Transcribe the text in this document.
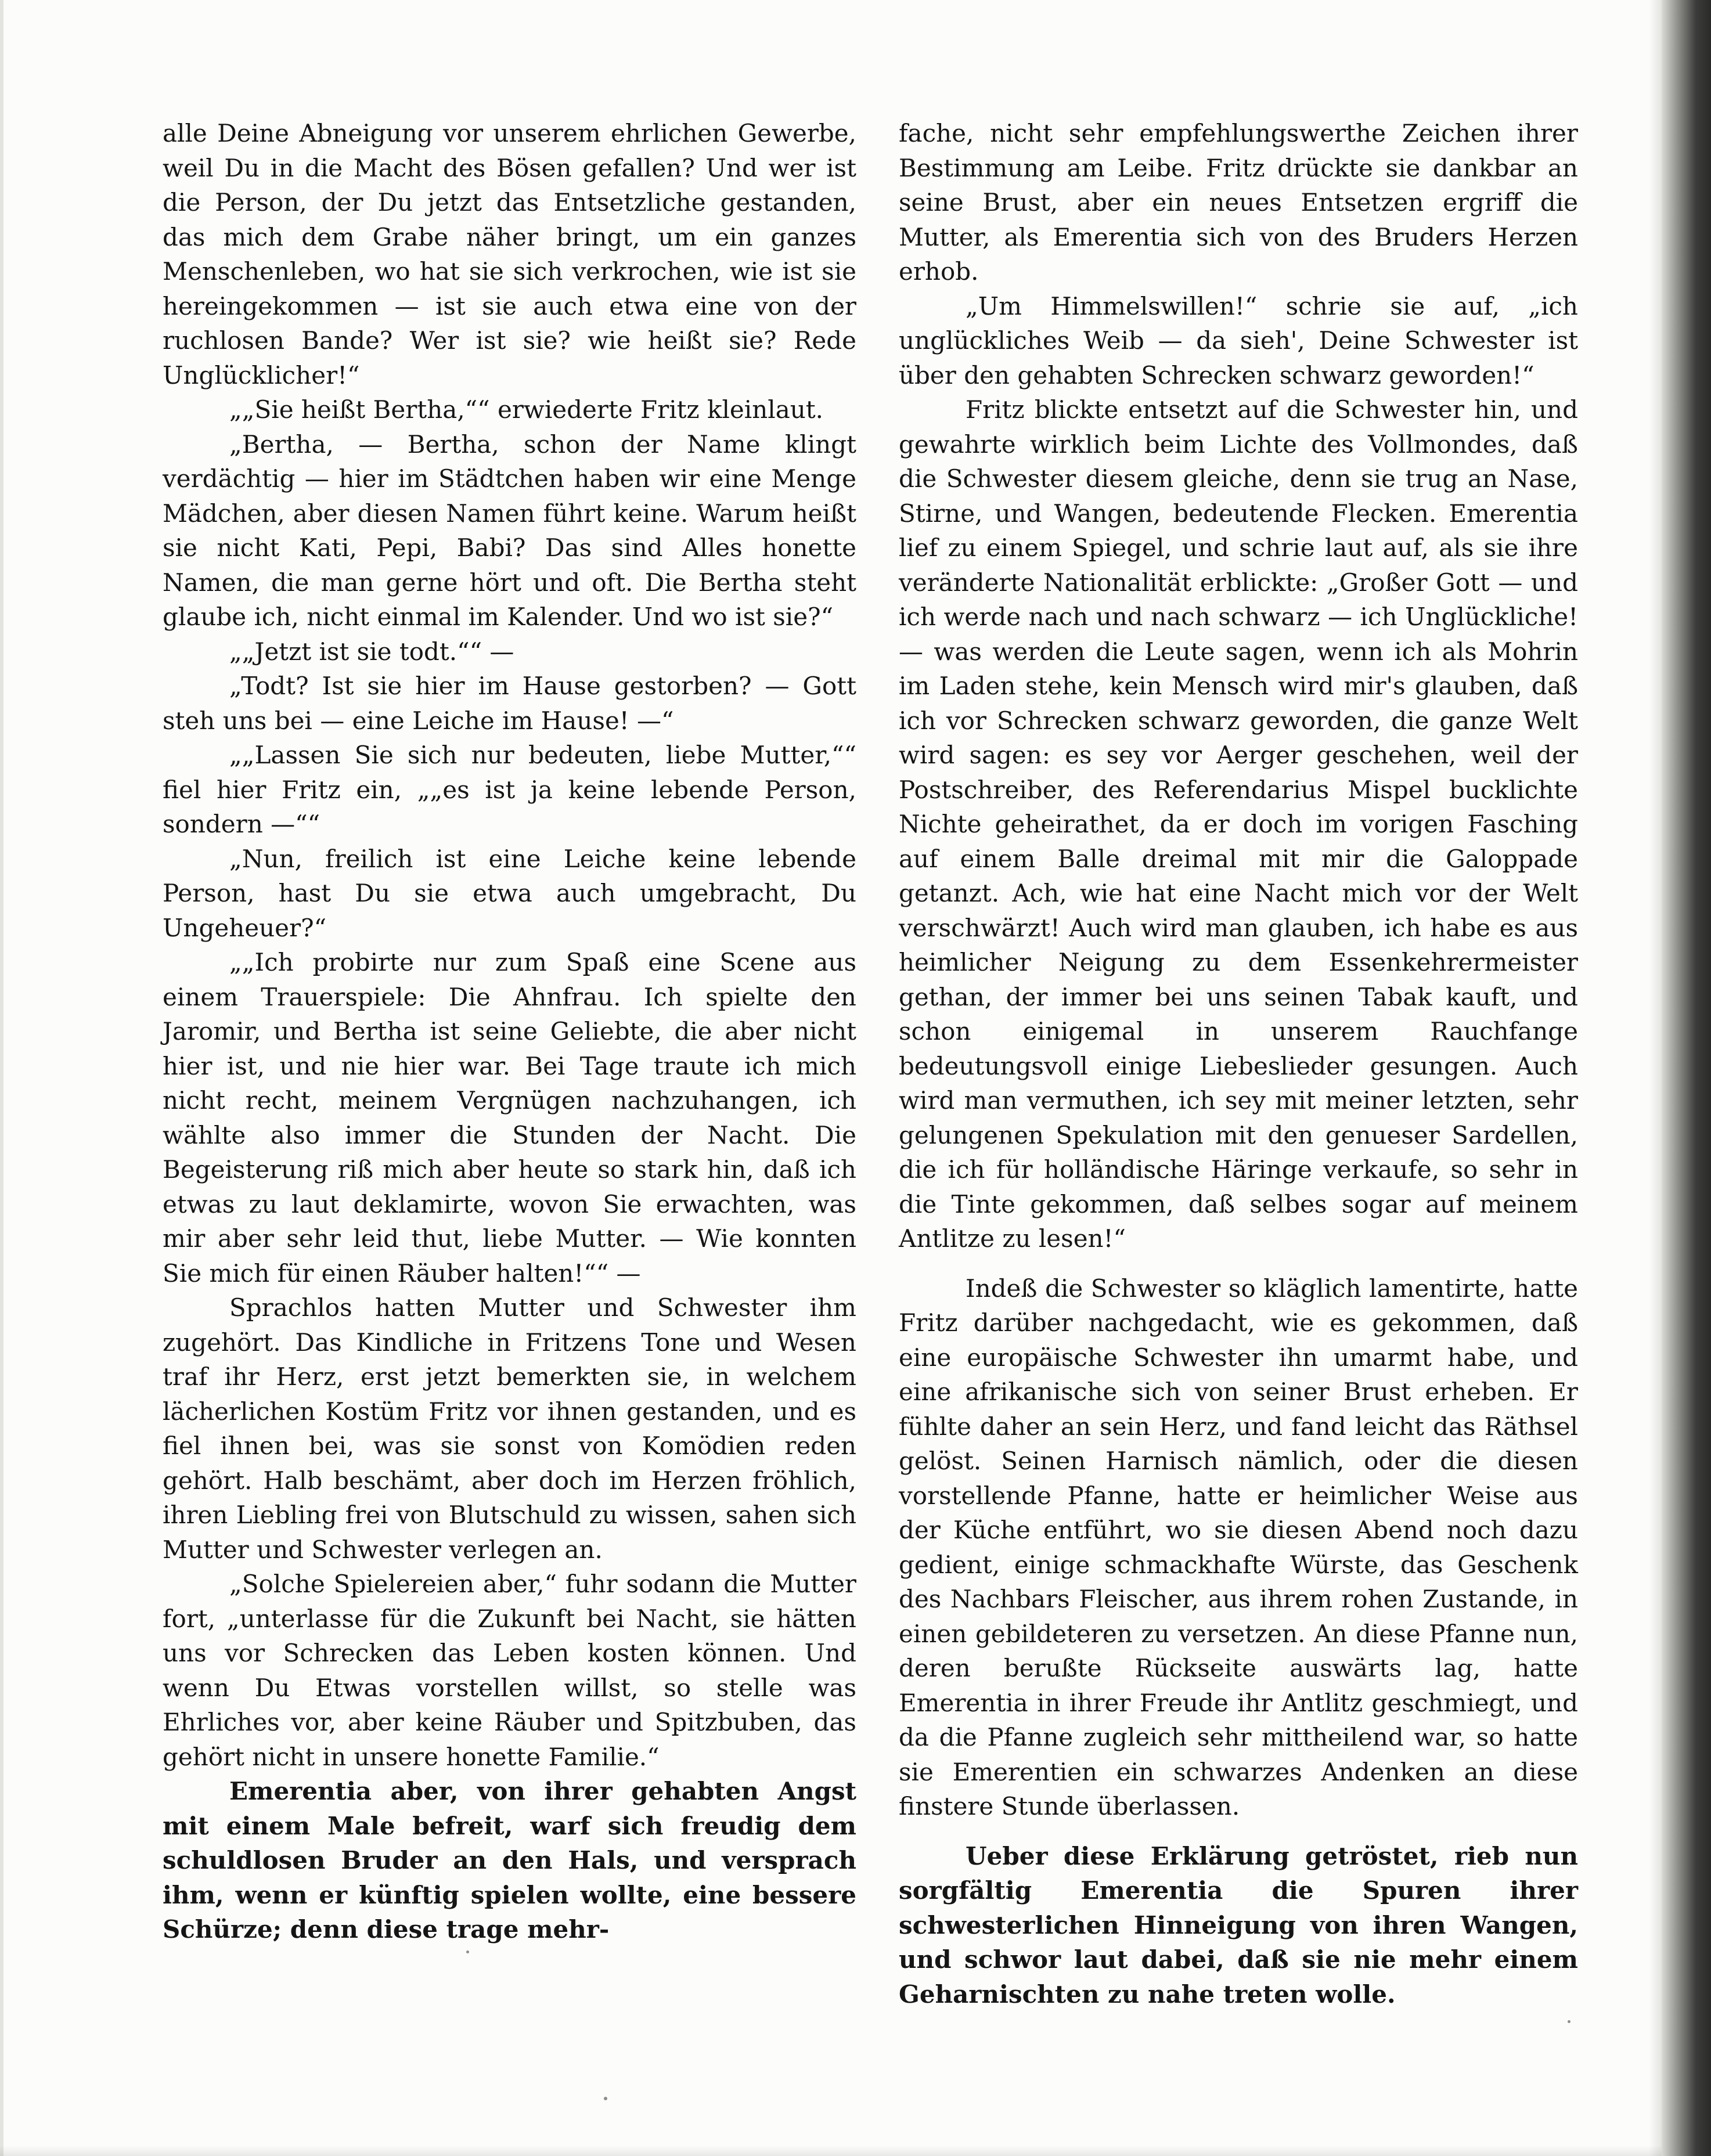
alle Deine Abneigung vor unserem ehrlichen Gewerbe, weil Du in die Macht des Bösen gefallen? Und wer ist die Person, der Du jetzt das Entsetzliche gestanden, das mich dem Grabe näher bringt, um ein ganzes Menschenleben, wo hat sie sich verkrochen, wie ist sie hereingekommen — ist sie auch etwa eine von der ruchlosen Bande? Wer ist sie? wie heißt sie? Rede Unglücklicher!“

„„Sie heißt Bertha,““ erwiederte Fritz kleinlaut.

„Bertha, — Bertha, schon der Name klingt verdächtig — hier im Städtchen haben wir eine Menge Mädchen, aber diesen Namen führt keine. Warum heißt sie nicht Kati, Pepi, Babi? Das sind Alles honette Namen, die man gerne hört und oft. Die Bertha steht glaube ich, nicht einmal im Kalender. Und wo ist sie?“

„„Jetzt ist sie todt.““ —

„Todt? Ist sie hier im Hause gestorben? — Gott steh uns bei — eine Leiche im Hause! —“

„„Lassen Sie sich nur bedeuten, liebe Mutter,““ fiel hier Fritz ein, „„es ist ja keine lebende Person, sondern —““

„Nun, freilich ist eine Leiche keine lebende Person, hast Du sie etwa auch umgebracht, Du Ungeheuer?“

„„Ich probirte nur zum Spaß eine Scene aus einem Trauerspiele: Die Ahnfrau. Ich spielte den Jaromir, und Bertha ist seine Geliebte, die aber nicht hier ist, und nie hier war. Bei Tage traute ich mich nicht recht, meinem Vergnügen nachzuhangen, ich wählte also immer die Stunden der Nacht. Die Begeisterung riß mich aber heute so stark hin, daß ich etwas zu laut deklamirte, wovon Sie erwachten, was mir aber sehr leid thut, liebe Mutter. — Wie konnten Sie mich für einen Räuber halten!““ —

Sprachlos hatten Mutter und Schwester ihm zugehört. Das Kindliche in Fritzens Tone und Wesen traf ihr Herz, erst jetzt bemerkten sie, in welchem lächerlichen Kostüm Fritz vor ihnen gestanden, und es fiel ihnen bei, was sie sonst von Komödien reden gehört. Halb beschämt, aber doch im Herzen fröhlich, ihren Liebling frei von Blutschuld zu wissen, sahen sich Mutter und Schwester verlegen an.

„Solche Spielereien aber,“ fuhr sodann die Mutter fort, „unterlasse für die Zukunft bei Nacht, sie hätten uns vor Schrecken das Leben kosten können. Und wenn Du Etwas vorstellen willst, so stelle was Ehrliches vor, aber keine Räuber und Spitzbuben, das gehört nicht in unsere honette Familie.“

Emerentia aber, von ihrer gehabten Angst mit einem Male befreit, warf sich freudig dem schuldlosen Bruder an den Hals, und versprach ihm, wenn er künftig spielen wollte, eine bessere Schürze; denn diese trage mehr-

fache, nicht sehr empfehlungswerthe Zeichen ihrer Bestimmung am Leibe. Fritz drückte sie dankbar an seine Brust, aber ein neues Entsetzen ergriff die Mutter, als Emerentia sich von des Bruders Herzen erhob.

„Um Himmelswillen!“ schrie sie auf, „ich unglückliches Weib — da sieh', Deine Schwester ist über den gehabten Schrecken schwarz geworden!“

Fritz blickte entsetzt auf die Schwester hin, und gewahrte wirklich beim Lichte des Vollmondes, daß die Schwester diesem gleiche, denn sie trug an Nase, Stirne, und Wangen, bedeutende Flecken. Emerentia lief zu einem Spiegel, und schrie laut auf, als sie ihre veränderte Nationalität erblickte: „Großer Gott — und ich werde nach und nach schwarz — ich Unglückliche! — was werden die Leute sagen, wenn ich als Mohrin im Laden stehe, kein Mensch wird mir's glauben, daß ich vor Schrecken schwarz geworden, die ganze Welt wird sagen: es sey vor Aerger geschehen, weil der Postschreiber, des Referendarius Mispel bucklichte Nichte geheirathet, da er doch im vorigen Fasching auf einem Balle dreimal mit mir die Galoppade getanzt. Ach, wie hat eine Nacht mich vor der Welt verschwärzt! Auch wird man glauben, ich habe es aus heimlicher Neigung zu dem Essenkehrermeister gethan, der immer bei uns seinen Tabak kauft, und schon einigemal in unserem Rauchfange bedeutungsvoll einige Liebeslieder gesungen. Auch wird man vermuthen, ich sey mit meiner letzten, sehr gelungenen Spekulation mit den genueser Sardellen, die ich für holländische Häringe verkaufe, so sehr in die Tinte gekommen, daß selbes sogar auf meinem Antlitze zu lesen!“

Indeß die Schwester so kläglich lamentirte, hatte Fritz darüber nachgedacht, wie es gekommen, daß eine europäische Schwester ihn umarmt habe, und eine afrikanische sich von seiner Brust erheben. Er fühlte daher an sein Herz, und fand leicht das Räthsel gelöst. Seinen Harnisch nämlich, oder die diesen vorstellende Pfanne, hatte er heimlicher Weise aus der Küche entführt, wo sie diesen Abend noch dazu gedient, einige schmackhafte Würste, das Geschenk des Nachbars Fleischer, aus ihrem rohen Zustande, in einen gebildeteren zu versetzen. An diese Pfanne nun, deren berußte Rückseite auswärts lag, hatte Emerentia in ihrer Freude ihr Antlitz geschmiegt, und da die Pfanne zugleich sehr mittheilend war, so hatte sie Emerentien ein schwarzes Andenken an diese finstere Stunde überlassen.

Ueber diese Erklärung getröstet, rieb nun sorgfältig Emerentia die Spuren ihrer schwesterlichen Hinneigung von ihren Wangen, und schwor laut dabei, daß sie nie mehr einem Geharnischten zu nahe treten wolle.
